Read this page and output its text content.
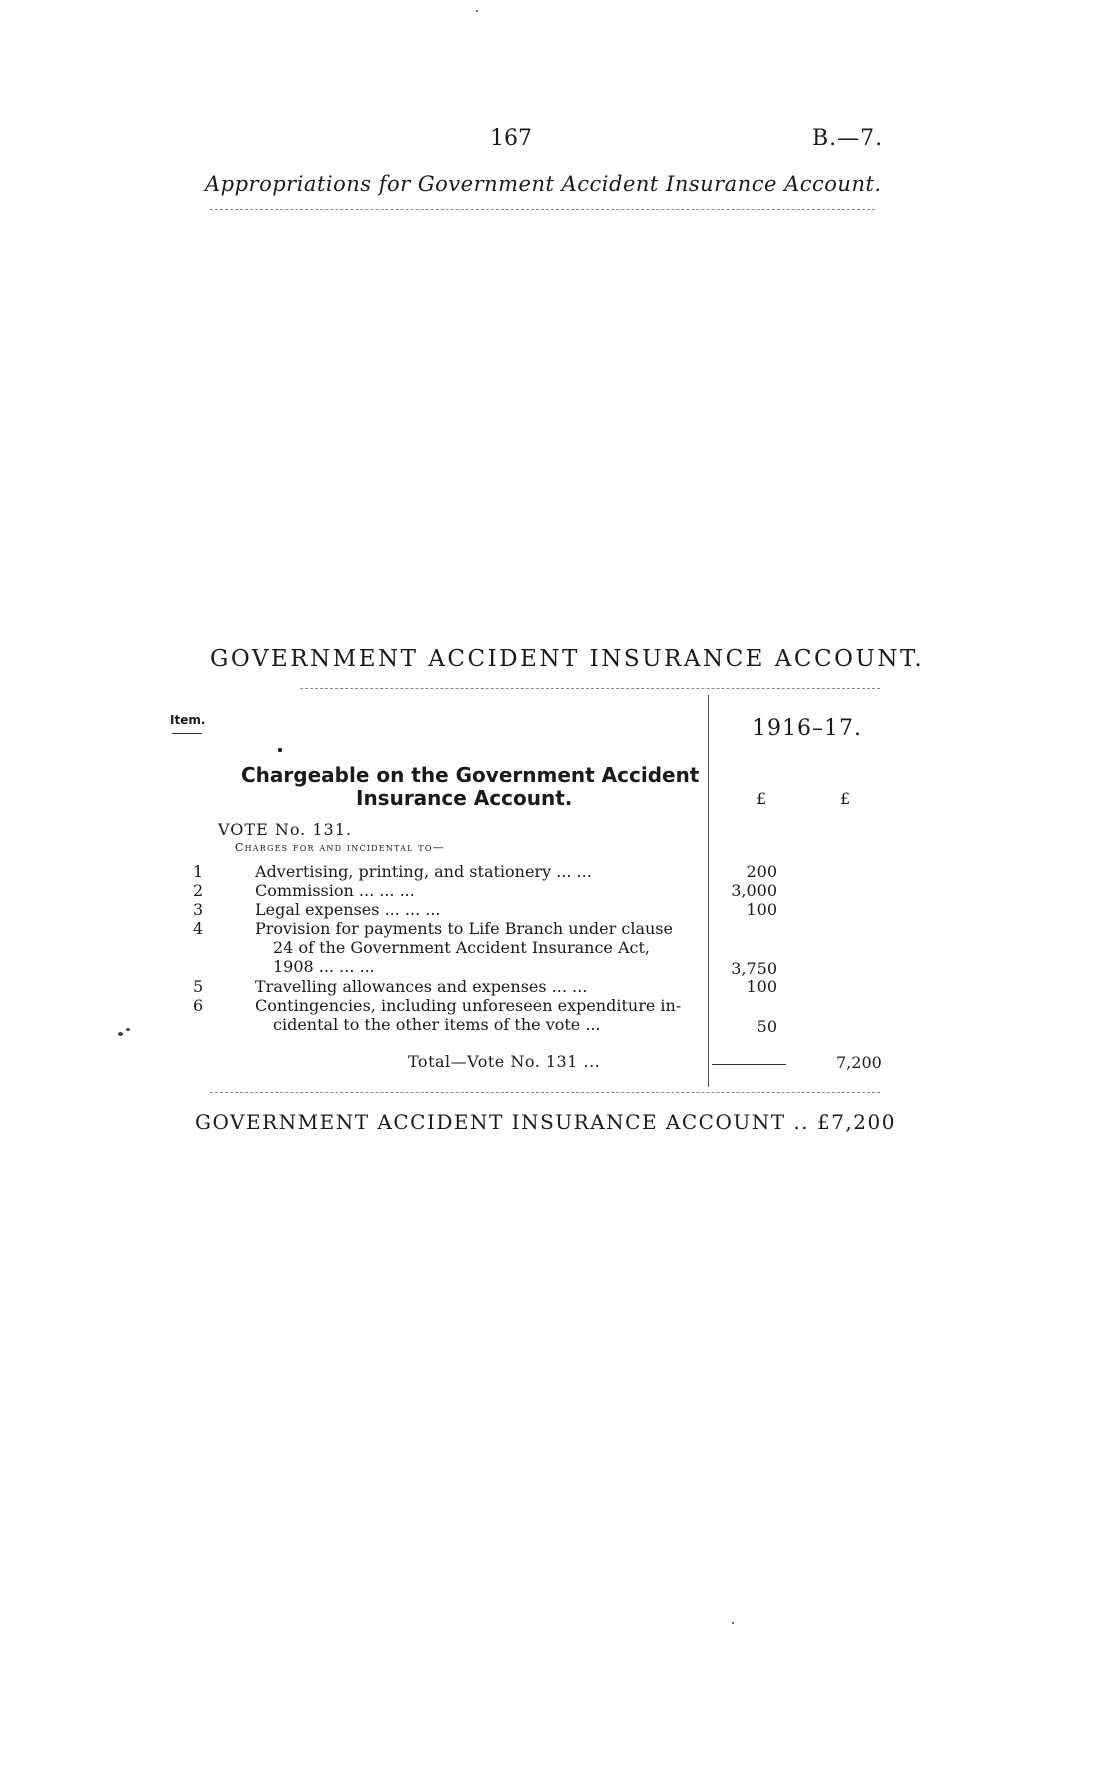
167	B.—7.
Appropriations for Government Accident Insurance Account.
GOVERNMENT ACCIDENT INSURANCE ACCOUNT.
Item.	1916–17.
Chargeable on the Government Accident
Insurance Account.	£	£
VOTE No. 131.
Charges for and incidental to—
1	Advertising, printing, and stationery ... ...	200
2	Commission ... ... ...	3,000
3	Legal expenses ... ... ...	100
4	Provision for payments to Life Branch under clause
24 of the Government Accident Insurance Act,
1908 ... ... ...	3,750
5	Travelling allowances and expenses ... ...	100
6	Contingencies, including unforeseen expenditure in-
cidental to the other items of the vote ...	50
Total—Vote No. 131 ...	7,200
GOVERNMENT ACCIDENT INSURANCE ACCOUNT .. £7,200
